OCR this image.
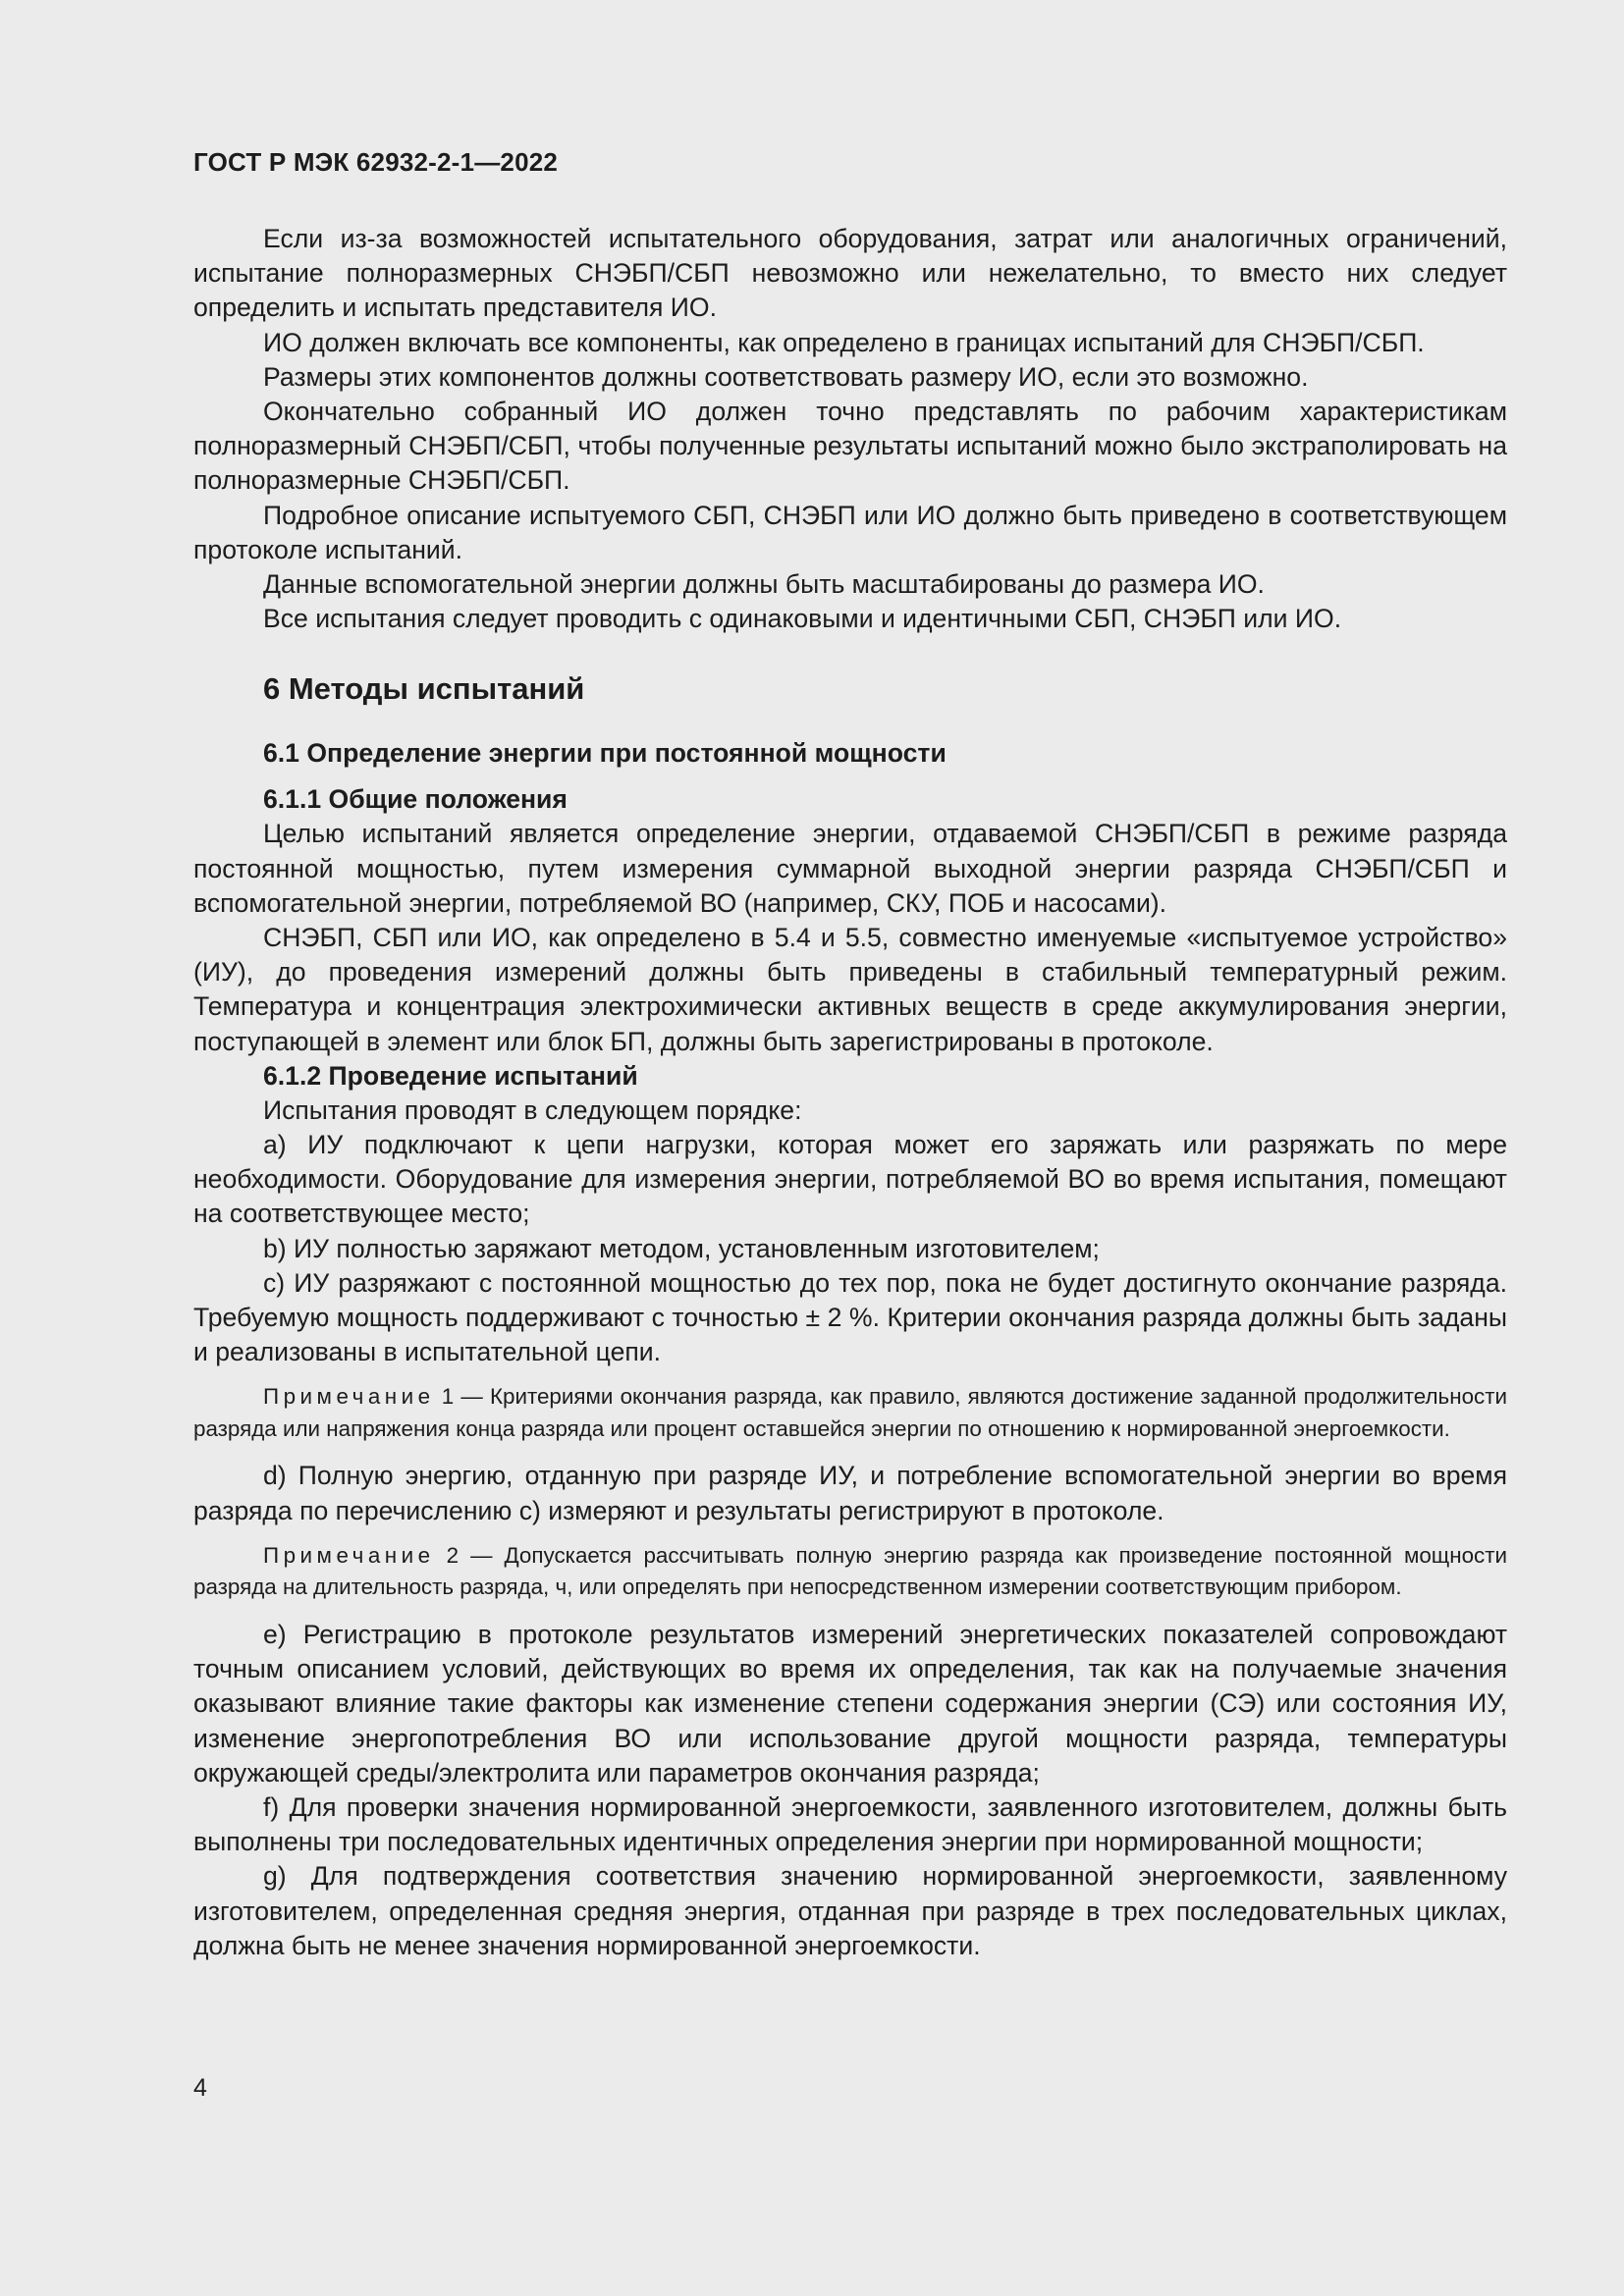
ГОСТ Р МЭК 62932-2-1—2022

Если из-за возможностей испытательного оборудования, затрат или аналогичных ограничений, испытание полноразмерных СНЭБП/СБП невозможно или нежелательно, то вместо них следует определить и испытать представителя ИО.

ИО должен включать все компоненты, как определено в границах испытаний для СНЭБП/СБП.

Размеры этих компонентов должны соответствовать размеру ИО, если это возможно.

Окончательно собранный ИО должен точно представлять по рабочим характеристикам полноразмерный СНЭБП/СБП, чтобы полученные результаты испытаний можно было экстраполировать на полноразмерные СНЭБП/СБП.

Подробное описание испытуемого СБП, СНЭБП или ИО должно быть приведено в соответствующем протоколе испытаний.

Данные вспомогательной энергии должны быть масштабированы до размера ИО.

Все испытания следует проводить с одинаковыми и идентичными СБП, СНЭБП или ИО.

6 Методы испытаний
6.1 Определение энергии при постоянной мощности
6.1.1 Общие положения

Целью испытаний является определение энергии, отдаваемой СНЭБП/СБП в режиме разряда постоянной мощностью, путем измерения суммарной выходной энергии разряда СНЭБП/СБП и вспомогательной энергии, потребляемой ВО (например, СКУ, ПОБ и насосами).

СНЭБП, СБП или ИО, как определено в 5.4 и 5.5, совместно именуемые «испытуемое устройство» (ИУ), до проведения измерений должны быть приведены в стабильный температурный режим. Температура и концентрация электрохимически активных веществ в среде аккумулирования энергии, поступающей в элемент или блок БП, должны быть зарегистрированы в протоколе.

6.1.2 Проведение испытаний

Испытания проводят в следующем порядке:

a) ИУ подключают к цепи нагрузки, которая может его заряжать или разряжать по мере необходимости. Оборудование для измерения энергии, потребляемой ВО во время испытания, помещают на соответствующее место;

b) ИУ полностью заряжают методом, установленным изготовителем;

c) ИУ разряжают с постоянной мощностью до тех пор, пока не будет достигнуто окончание разряда. Требуемую мощность поддерживают с точностью ± 2 %. Критерии окончания разряда должны быть заданы и реализованы в испытательной цепи.

Примечание 1 — Критериями окончания разряда, как правило, являются достижение заданной продолжительности разряда или напряжения конца разряда или процент оставшейся энергии по отношению к нормированной энергоемкости.

d) Полную энергию, отданную при разряде ИУ, и потребление вспомогательной энергии во время разряда по перечислению c) измеряют и результаты регистрируют в протоколе.

Примечание 2 — Допускается рассчитывать полную энергию разряда как произведение постоянной мощности разряда на длительность разряда, ч, или определять при непосредственном измерении соответствующим прибором.

e) Регистрацию в протоколе результатов измерений энергетических показателей сопровождают точным описанием условий, действующих во время их определения, так как на получаемые значения оказывают влияние такие факторы как изменение степени содержания энергии (СЭ) или состояния ИУ, изменение энергопотребления ВО или использование другой мощности разряда, температуры окружающей среды/электролита или параметров окончания разряда;

f) Для проверки значения нормированной энергоемкости, заявленного изготовителем, должны быть выполнены три последовательных идентичных определения энергии при нормированной мощности;

g) Для подтверждения соответствия значению нормированной энергоемкости, заявленному изготовителем, определенная средняя энергия, отданная при разряде в трех последовательных циклах, должна быть не менее значения нормированной энергоемкости.

4
